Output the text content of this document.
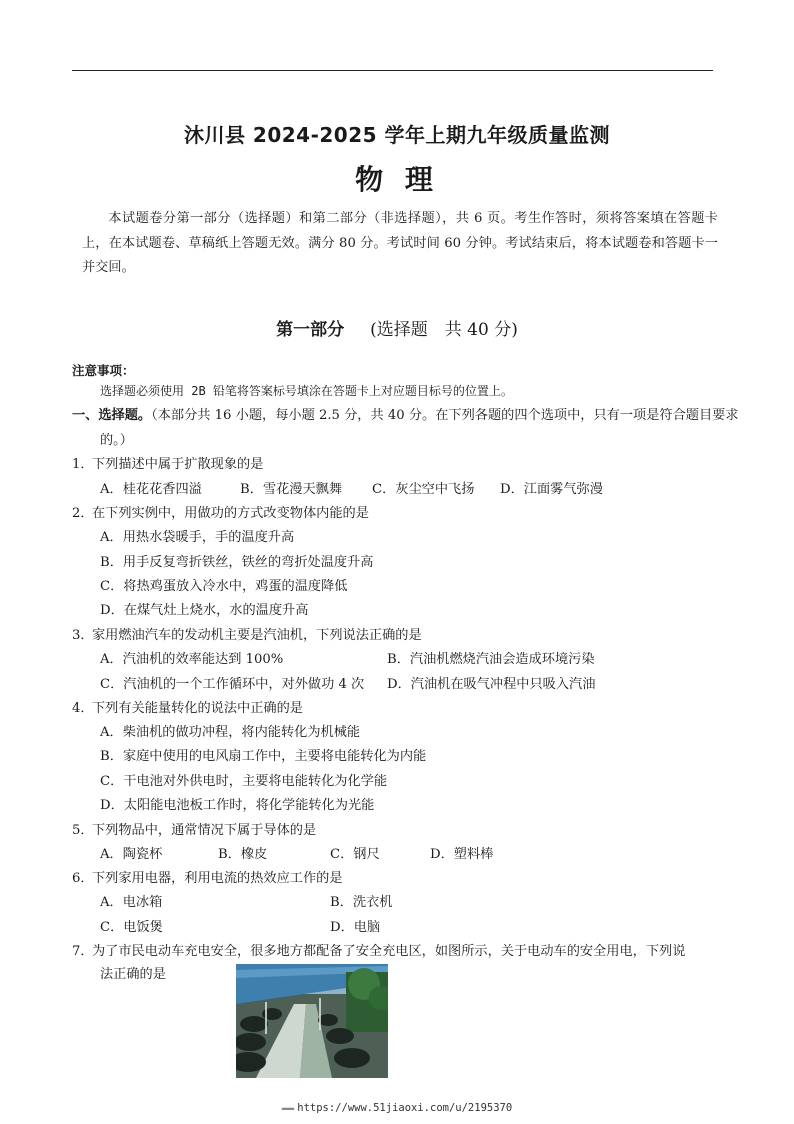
沐川县 2024-2025 学年上期九年级质量监测
物 理
本试题卷分第一部分（选择题）和第二部分（非选择题），共 6 页。考生作答时，须将答案填在答题卡上，在本试题卷、草稿纸上答题无效。满分 80 分。考试时间 60 分钟。考试结束后，将本试题卷和答题卡一并交回。
第一部分 (选择题　共 40 分)
注意事项：
选择题必须使用 2B 铅笔将答案标号填涂在答题卡上对应题目标号的位置上。
一、选择题。（本部分共 16 小题，每小题 2.5 分，共 40 分。在下列各题的四个选项中，只有一项是符合题目要求的。）
1．
下列描述中属于扩散现象的是
A．桂花花香四溢	B．雪花漫天飘舞 C．灰尘空中飞扬 D．江面雾气弥漫
2．
在下列实例中，用做功的方式改变物体内能的是
A．用热水袋暖手，手的温度升高
B．用手反复弯折铁丝，铁丝的弯折处温度升高
C．将热鸡蛋放入冷水中，鸡蛋的温度降低
D．在煤气灶上烧水，水的温度升高
3．
家用燃油汽车的发动机主要是汽油机，下列说法正确的是
A．汽油机的效率能达到 100%	B．汽油机燃烧汽油会造成环境污染
C．汽油机的一个工作循环中，对外做功 4 次 D．汽油机在吸气冲程中只吸入汽油
4．
下列有关能量转化的说法中正确的是
A．柴油机的做功冲程，将内能转化为机械能
B．家庭中使用的电风扇工作中，主要将电能转化为内能
C．干电池对外供电时，主要将电能转化为化学能
D．太阳能电池板工作时，将化学能转化为光能
5．
下列物品中，通常情况下属于导体的是
A．陶瓷杯	B．橡皮	C．钢尺	D．塑料棒
6．
下列家用电器，利用电流的热效应工作的是
A．电冰箱	B．洗衣机
C．电饭煲	D．电脑
7．
为了市民电动车充电安全，很多地方都配备了安全充电区，如图所示，关于电动车的安全用电，下列说
法正确的是
▬▬▬ https://www.51jiaoxi.com/u/2195370
